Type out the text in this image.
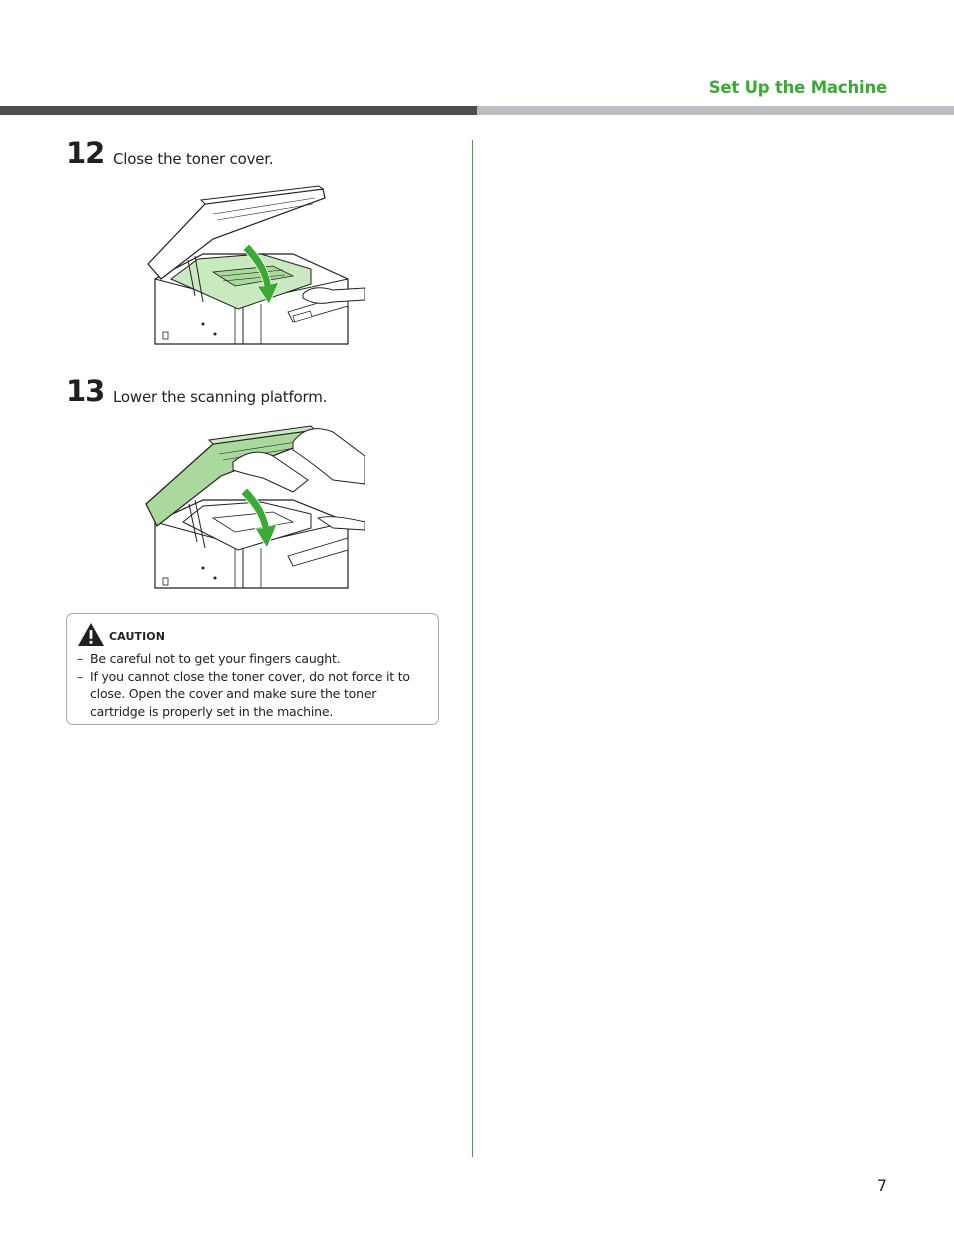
Set Up the Machine
12 Close the toner cover.
13 Lower the scanning platform.
CAUTION
– Be careful not to get your fingers caught.
– If you cannot close the toner cover, do not force it to close. Open the cover and make sure the toner cartridge is properly set in the machine.
7
